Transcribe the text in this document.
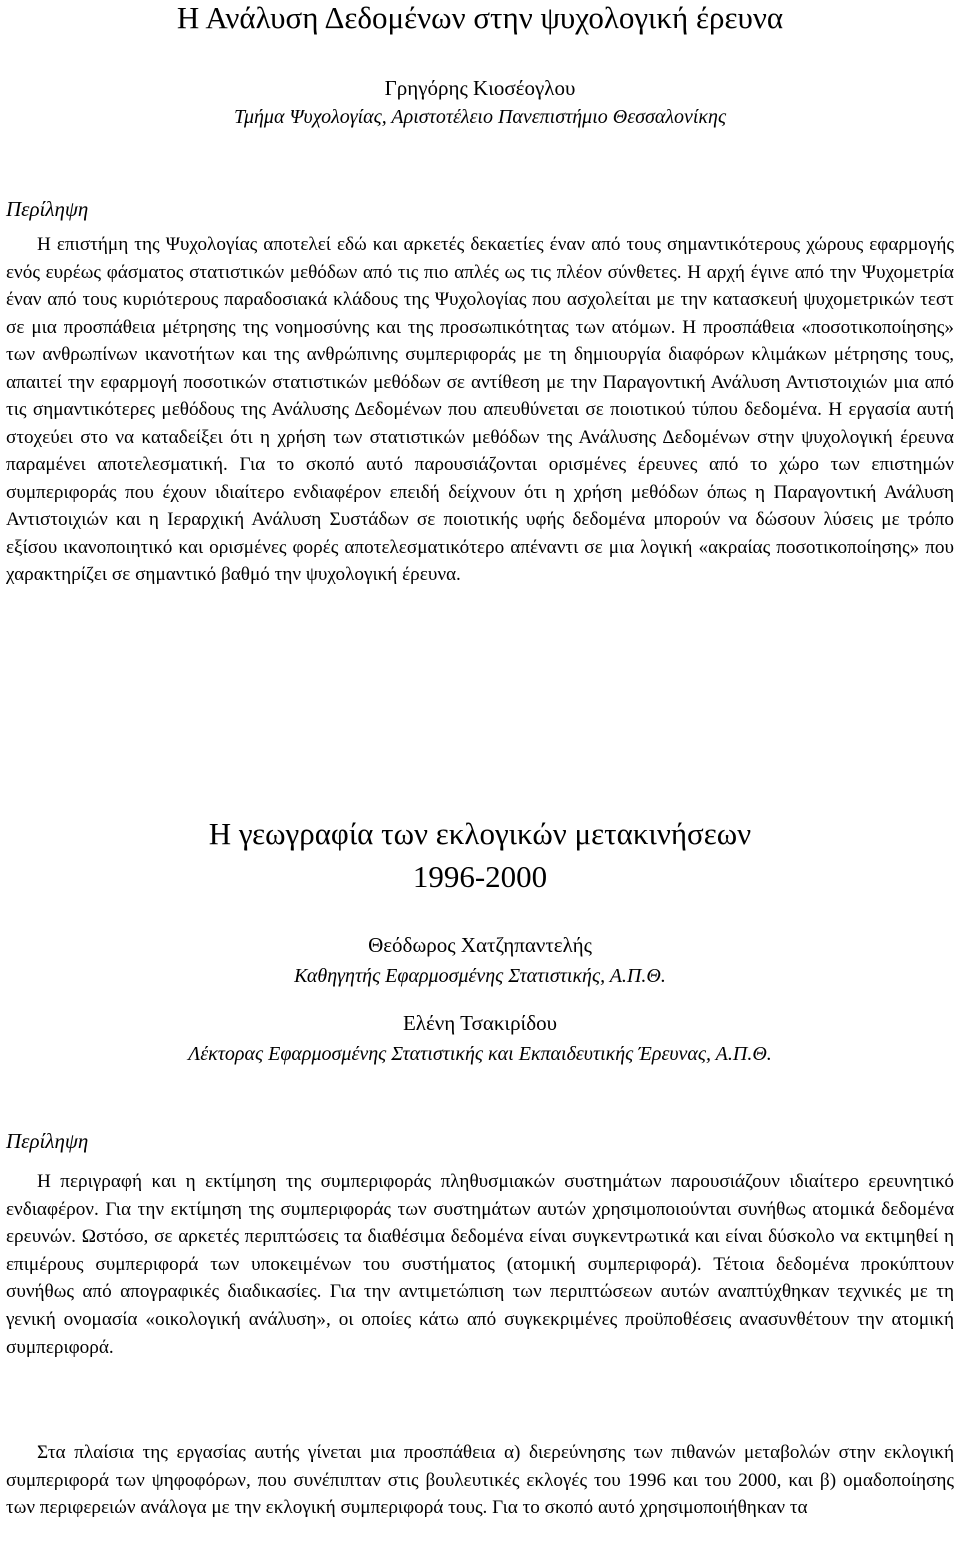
Η Ανάλυση Δεδομένων στην ψυχολογική έρευνα

Γρηγόρης Κιοσέογλου

Τμήμα Ψυχολογίας, Αριστοτέλειο Πανεπιστήμιο Θεσσαλονίκης

Περίληψη

Η επιστήμη της Ψυχολογίας αποτελεί εδώ και αρκετές δεκαετίες έναν από τους σημαντικότερους χώρους εφαρμογής ενός ευρέως φάσματος στατιστικών μεθόδων από τις πιο απλές ως τις πλέον σύνθετες. Η αρχή έγινε από την Ψυχομετρία έναν από τους κυριότερους παραδοσιακά κλάδους της Ψυχολογίας που ασχολείται με την κατασκευή ψυχομετρικών τεστ σε μια προσπάθεια μέτρησης της νοημοσύνης και της προσωπικότητας των ατόμων. Η προσπάθεια «ποσοτικοποίησης» των ανθρωπίνων ικανοτήτων και της ανθρώπινης συμπεριφοράς με τη δημιουργία διαφόρων κλιμάκων μέτρησης τους, απαιτεί την εφαρμογή ποσοτικών στατιστικών μεθόδων σε αντίθεση με την Παραγοντική Ανάλυση Αντιστοιχιών μια από τις σημαντικότερες μεθόδους της Ανάλυσης Δεδομένων που απευθύνεται σε ποιοτικού τύπου δεδομένα. Η εργασία αυτή στοχεύει στο να καταδείξει ότι η χρήση των στατιστικών μεθόδων της Ανάλυσης Δεδομένων στην ψυχολογική έρευνα παραμένει αποτελεσματική. Για το σκοπό αυτό παρουσιάζονται ορισμένες έρευνες από το χώρο των επιστημών συμπεριφοράς που έχουν ιδιαίτερο ενδιαφέρον επειδή δείχνουν ότι η χρήση μεθόδων όπως η Παραγοντική Ανάλυση Αντιστοιχιών και η Ιεραρχική Ανάλυση Συστάδων σε ποιοτικής υφής δεδομένα μπορούν να δώσουν λύσεις με τρόπο εξίσου ικανοποιητικό και ορισμένες φορές αποτελεσματικότερο απέναντι σε μια λογική «ακραίας ποσοτικοποίησης» που χαρακτηρίζει σε σημαντικό βαθμό την ψυχολογική έρευνα.

Η γεωγραφία των εκλογικών μετακινήσεων
1996-2000

Θεόδωρος Χατζηπαντελής

Καθηγητής Εφαρμοσμένης Στατιστικής, Α.Π.Θ.

Ελένη Τσακιρίδου

Λέκτορας Εφαρμοσμένης Στατιστικής και Εκπαιδευτικής Έρευνας, Α.Π.Θ.

Περίληψη

Η περιγραφή και η εκτίμηση της συμπεριφοράς πληθυσμιακών συστημάτων παρουσιάζουν ιδιαίτερο ερευνητικό ενδιαφέρον. Για την εκτίμηση της συμπεριφοράς των συστημάτων αυτών χρησιμοποιούνται συνήθως ατομικά δεδομένα ερευνών. Ωστόσο, σε αρκετές περιπτώσεις τα διαθέσιμα δεδομένα είναι συγκεντρωτικά και είναι δύσκολο να εκτιμηθεί η επιμέρους συμπεριφορά των υποκειμένων του συστήματος (ατομική συμπεριφορά). Τέτοια δεδομένα προκύπτουν συνήθως από απογραφικές διαδικασίες. Για την αντιμετώπιση των περιπτώσεων αυτών αναπτύχθηκαν τεχνικές με τη γενική ονομασία «οικολογική ανάλυση», οι οποίες κάτω από συγκεκριμένες προϋποθέσεις ανασυνθέτουν την ατομική συμπεριφορά.

Στα πλαίσια της εργασίας αυτής γίνεται μια προσπάθεια α) διερεύνησης των πιθανών μεταβολών στην εκλογική συμπεριφορά των ψηφοφόρων, που συνέπιπταν στις βουλευτικές εκλογές του 1996 και του 2000, και β) ομαδοποίησης των περιφερειών ανάλογα με την εκλογική συμπεριφορά τους. Για το σκοπό αυτό χρησιμοποιήθηκαν τα
